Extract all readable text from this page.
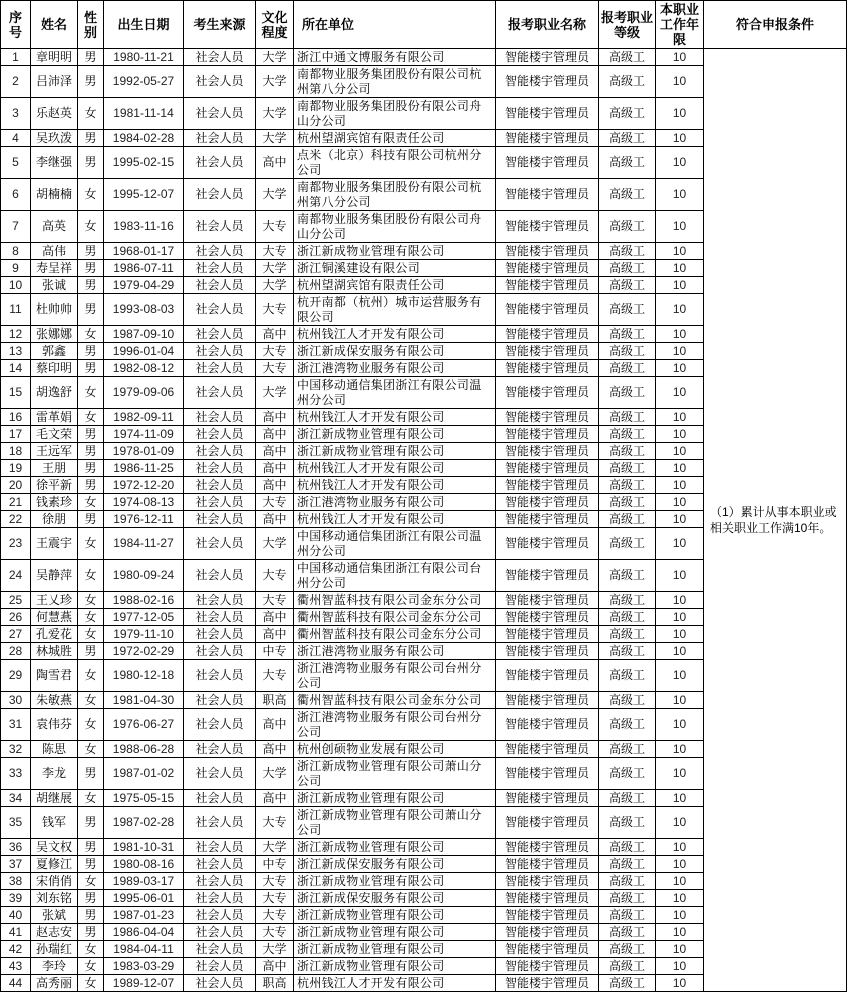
序号	姓名	性别	出生日期	考生来源	文化程度	所在单位	报考职业名称	报考职业等级	本职业工作年限	符合申报条件
1	章明明	男	1980-11-21	社会人员	大学	浙江中通文博服务有限公司	智能楼宇管理员	高级工	10	（1）累计从事本职业或相关职业工作满10年。
2	吕沛泽	男	1992-05-27	社会人员	大学	南都物业服务集团股份有限公司杭州第八分公司	智能楼宇管理员	高级工	10	
3	乐赵英	女	1981-11-14	社会人员	大学	南都物业服务集团股份有限公司舟山分公司	智能楼宇管理员	高级工	10	
4	吴玖泼	男	1984-02-28	社会人员	大学	杭州望湖宾馆有限责任公司	智能楼宇管理员	高级工	10	
5	李继强	男	1995-02-15	社会人员	高中	点米（北京）科技有限公司杭州分公司	智能楼宇管理员	高级工	10	
6	胡楠楠	女	1995-12-07	社会人员	大学	南都物业服务集团股份有限公司杭州第八分公司	智能楼宇管理员	高级工	10	
7	高英	女	1983-11-16	社会人员	大专	南都物业服务集团股份有限公司舟山分公司	智能楼宇管理员	高级工	10	
8	高伟	男	1968-01-17	社会人员	大专	浙江新成物业管理有限公司	智能楼宇管理员	高级工	10	
9	寿呈祥	男	1986-07-11	社会人员	大学	浙江铜溪建设有限公司	智能楼宇管理员	高级工	10	
10	张诚	男	1979-04-29	社会人员	大学	杭州望湖宾馆有限责任公司	智能楼宇管理员	高级工	10	
11	杜帅帅	男	1993-08-03	社会人员	大专	杭开南都（杭州）城市运营服务有限公司	智能楼宇管理员	高级工	10	
12	张娜娜	女	1987-09-10	社会人员	高中	杭州钱江人才开发有限公司	智能楼宇管理员	高级工	10	
13	郭鑫	男	1996-01-04	社会人员	大专	浙江新成保安服务有限公司	智能楼宇管理员	高级工	10	
14	蔡印明	男	1982-08-12	社会人员	大专	浙江港湾物业服务有限公司	智能楼宇管理员	高级工	10	
15	胡逸舒	女	1979-09-06	社会人员	大学	中国移动通信集团浙江有限公司温州分公司	智能楼宇管理员	高级工	10	
16	雷革娟	女	1982-09-11	社会人员	高中	杭州钱江人才开发有限公司	智能楼宇管理员	高级工	10	
17	毛文荣	男	1974-11-09	社会人员	高中	浙江新成物业管理有限公司	智能楼宇管理员	高级工	10	
18	王远军	男	1978-01-09	社会人员	高中	浙江新成物业管理有限公司	智能楼宇管理员	高级工	10	
19	王朋	男	1986-11-25	社会人员	高中	杭州钱江人才开发有限公司	智能楼宇管理员	高级工	10	
20	徐平新	男	1972-12-20	社会人员	高中	杭州钱江人才开发有限公司	智能楼宇管理员	高级工	10	
21	钱素珍	女	1974-08-13	社会人员	大专	浙江港湾物业服务有限公司	智能楼宇管理员	高级工	10	
22	徐朋	男	1976-12-11	社会人员	高中	杭州钱江人才开发有限公司	智能楼宇管理员	高级工	10	
23	王震宇	女	1984-11-27	社会人员	大学	中国移动通信集团浙江有限公司温州分公司	智能楼宇管理员	高级工	10	
24	吴静萍	女	1980-09-24	社会人员	大专	中国移动通信集团浙江有限公司台州分公司	智能楼宇管理员	高级工	10	
25	王乂珍	女	1988-02-16	社会人员	大专	衢州智蓝科技有限公司金东分公司	智能楼宇管理员	高级工	10	
26	何慧燕	女	1977-12-05	社会人员	高中	衢州智蓝科技有限公司金东分公司	智能楼宇管理员	高级工	10	
27	孔爱花	女	1979-11-10	社会人员	高中	衢州智蓝科技有限公司金东分公司	智能楼宇管理员	高级工	10	
28	林城胜	男	1972-02-29	社会人员	中专	浙江港湾物业服务有限公司	智能楼宇管理员	高级工	10	
29	陶雪君	女	1980-12-18	社会人员	大专	浙江港湾物业服务有限公司台州分公司	智能楼宇管理员	高级工	10	
30	朱敏燕	女	1981-04-30	社会人员	职高	衢州智蓝科技有限公司金东分公司	智能楼宇管理员	高级工	10	
31	袁伟芬	女	1976-06-27	社会人员	高中	浙江港湾物业服务有限公司台州分公司	智能楼宇管理员	高级工	10	
32	陈思	女	1988-06-28	社会人员	高中	杭州创硕物业发展有限公司	智能楼宇管理员	高级工	10	
33	李龙	男	1987-01-02	社会人员	大学	浙江新成物业管理有限公司萧山分公司	智能楼宇管理员	高级工	10	
34	胡继展	女	1975-05-15	社会人员	高中	浙江新成物业管理有限公司	智能楼宇管理员	高级工	10	
35	钱军	男	1987-02-28	社会人员	大专	浙江新成物业管理有限公司萧山分公司	智能楼宇管理员	高级工	10	
36	吴文权	男	1981-10-31	社会人员	大学	浙江新成物业管理有限公司	智能楼宇管理员	高级工	10	
37	夏修江	男	1980-08-16	社会人员	中专	浙江新成保安服务有限公司	智能楼宇管理员	高级工	10	
38	宋俏俏	女	1989-03-17	社会人员	大专	浙江新成物业管理有限公司	智能楼宇管理员	高级工	10	
39	刘东铭	男	1995-06-01	社会人员	大专	浙江新成保安服务有限公司	智能楼宇管理员	高级工	10	
40	张斌	男	1987-01-23	社会人员	大专	浙江新成物业管理有限公司	智能楼宇管理员	高级工	10	
41	赵志安	男	1986-04-04	社会人员	大专	浙江新成物业管理有限公司	智能楼宇管理员	高级工	10	
42	孙瑞红	女	1984-04-11	社会人员	大学	浙江新成物业管理有限公司	智能楼宇管理员	高级工	10	
43	李玲	女	1983-03-29	社会人员	高中	浙江新成物业管理有限公司	智能楼宇管理员	高级工	10	
44	高秀丽	女	1989-12-07	社会人员	职高	杭州钱江人才开发有限公司	智能楼宇管理员	高级工	10	
